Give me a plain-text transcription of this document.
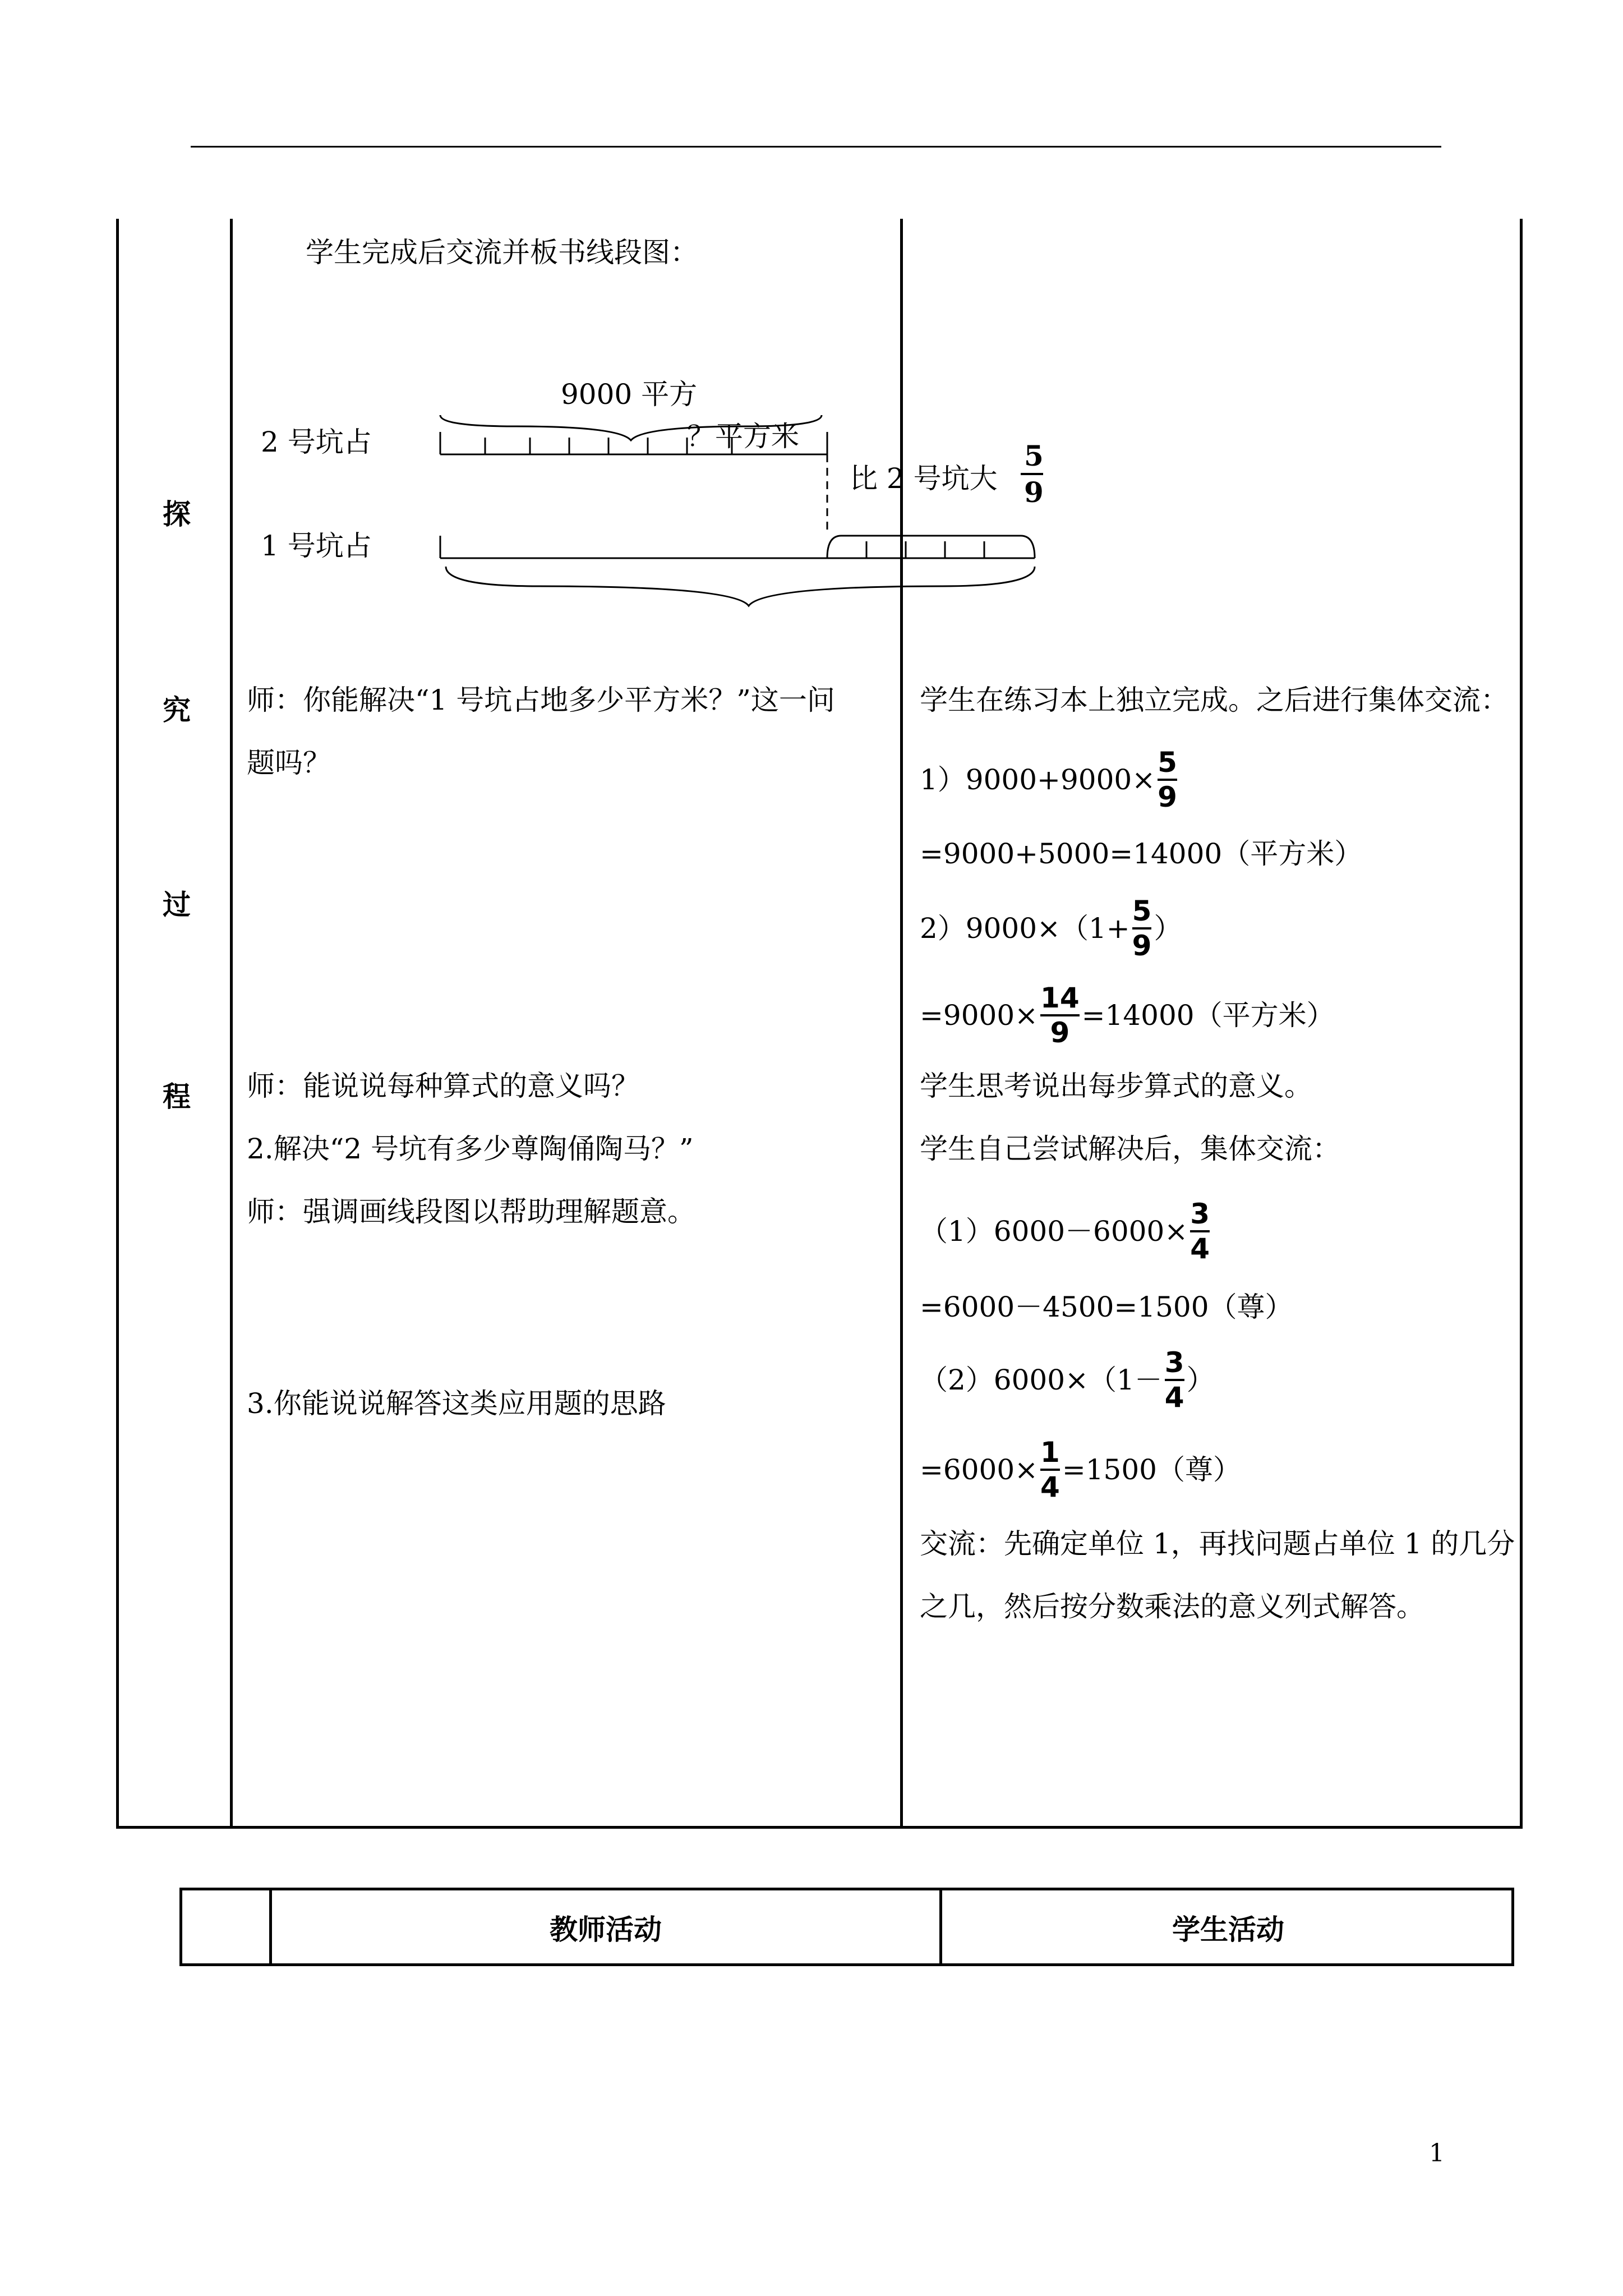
探
究
过
程
学生完成后交流并板书线段图：
9000 平方
2 号坑占	？平方米
比 2 号坑大
5
9
1 号坑占
师：你能解决“1 号坑占地多少平方米？”这一问
题吗？
师：能说说每种算式的意义吗？
2.解决“2 号坑有多少尊陶俑陶马？”
师：强调画线段图以帮助理解题意。
3.你能说说解答这类应用题的思路
学生在练习本上独立完成。之后进行集体交流：
$1)9000+9000\times \frac{5}{9}$
=9000+5000=14000（平方米）
$2)9000\times(1+ \frac{5}{9}$ ）
$=9000\times \frac{14}{9} =14000$（平方米）
学生思考说出每步算式的意义。
学生自己尝试解决后，集体交流：
$(1)6000-6000\times \frac{3}{4}$
=6000－4500=1500（尊）
$(2)6000\times(1- \frac{3}{4}$ ）
$=6000\times \frac{1}{4} =1500$（尊）
交流：先确定单位 1，再找问题占单位 1 的几分
之几，然后按分数乘法的意义列式解答。
教师活动	学生活动
1
